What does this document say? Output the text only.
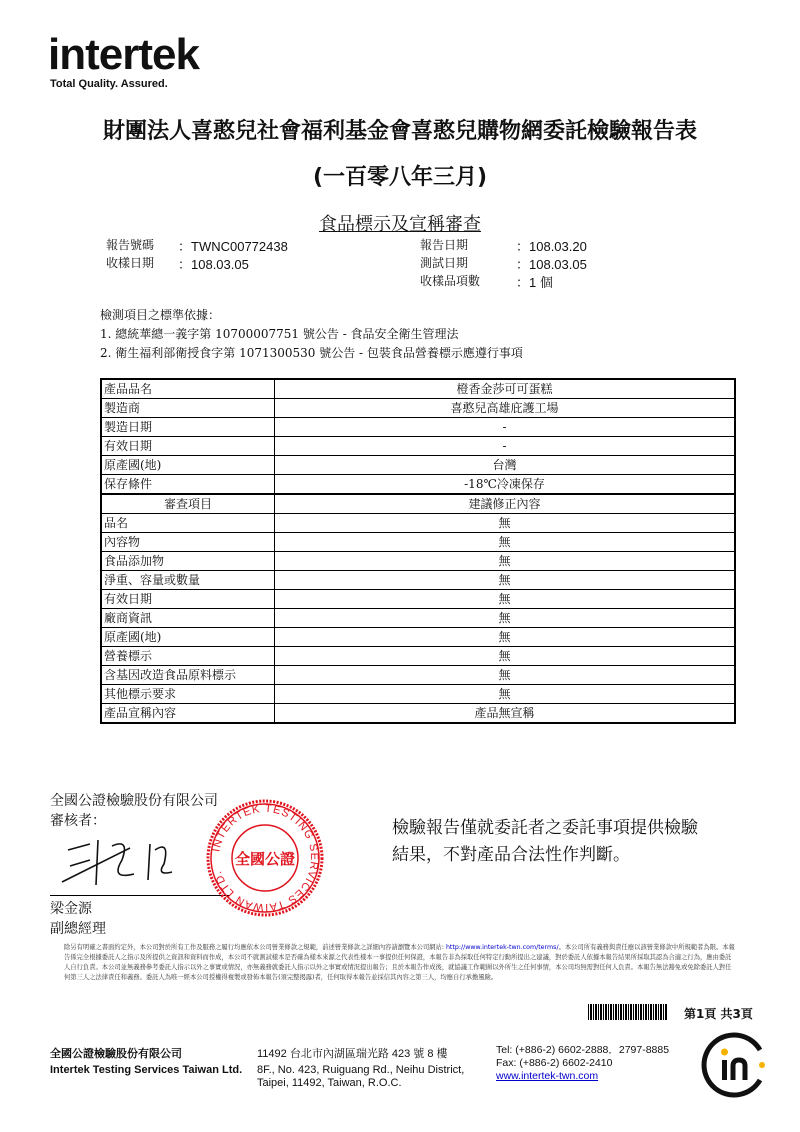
intertek
Total Quality. Assured.
財團法人喜憨兒社會福利基金會喜憨兒購物網委託檢驗報告表
(一百零八年三月)
食品標示及宣稱審查
報告號碼 ：TWNC00772438
收樣日期 ：108.03.05
報告日期	：108.03.20
測試日期	：108.03.05
收樣品項數	：1 個
檢測項目之標準依據：
1. 總統華總一義字第 10700007751 號公告 - 食品安全衛生管理法
2. 衛生福利部衛授食字第 1071300530 號公告 - 包裝食品營養標示應遵行事項
產品品名	橙香金莎可可蛋糕
製造商	喜憨兒高雄庇護工場
製造日期	-
有效日期	-
原產國(地)	台灣
保存條件	-18℃冷凍保存
審查項目	建議修正內容
品名	無
內容物	無
食品添加物	無
淨重、容量或數量	無
有效日期	無
廠商資訊	無
原產國(地)	無
營養標示	無
含基因改造食品原料標示	無
其他標示要求	無
產品宣稱內容	產品無宣稱
全國公證檢驗股份有限公司
審核者：
梁金源
副總經理
INTERTEK TESTING SERVICES TAIWAN LTD.
全國公證
檢驗報告僅就委託者之委託事項提供檢驗
結果，不對產品合法性作判斷。
除另有明確之書面約定外，本公司對於所有工作及服務之履行均應依本公司營業條款之規範，前述營業條款之詳細內容請瀏覽本公司網站: http://www.intertek-twn.com/terms/。本公司所有義務與責任應以該營業條款中所規範者為限。本報告係完全根據委託人之指示及所提供之資訊和資料而作成，本公司不就測試樣本是否確為樣本來源之代表性樣本一事提供任何保證，本報告非為採取任何特定行動所提出之建議，對於委託人依據本報告結果所採取其認為合適之行為，應由委託人自行負責。本公司並無義務參考委託人指示以外之事實或情況，亦無義務就委託人指示以外之事實或情況提出報告；且於本報告作成後，就協議工作範圍以外所生之任何事情，本公司均無需對任何人負責。本報告無法豁免或免除委託人對任何第三人之法律責任和義務。委託人為唯一經本公司授權得複製或發佈本報告(須完整揭露)者，任何取得本報告並採信其內容之第三人，均應自行承擔風險。
第1頁 共3頁
全國公證檢驗股份有限公司
Intertek Testing Services Taiwan Ltd.
11492 台北市內湖區瑞光路 423 號 8 樓
8F., No. 423, Ruiguang Rd., Neihu District,
Taipei, 11492, Taiwan, R.O.C.
Tel: (+886-2) 6602-2888．2797-8885
Fax: (+886-2) 6602-2410
www.intertek-twn.com
